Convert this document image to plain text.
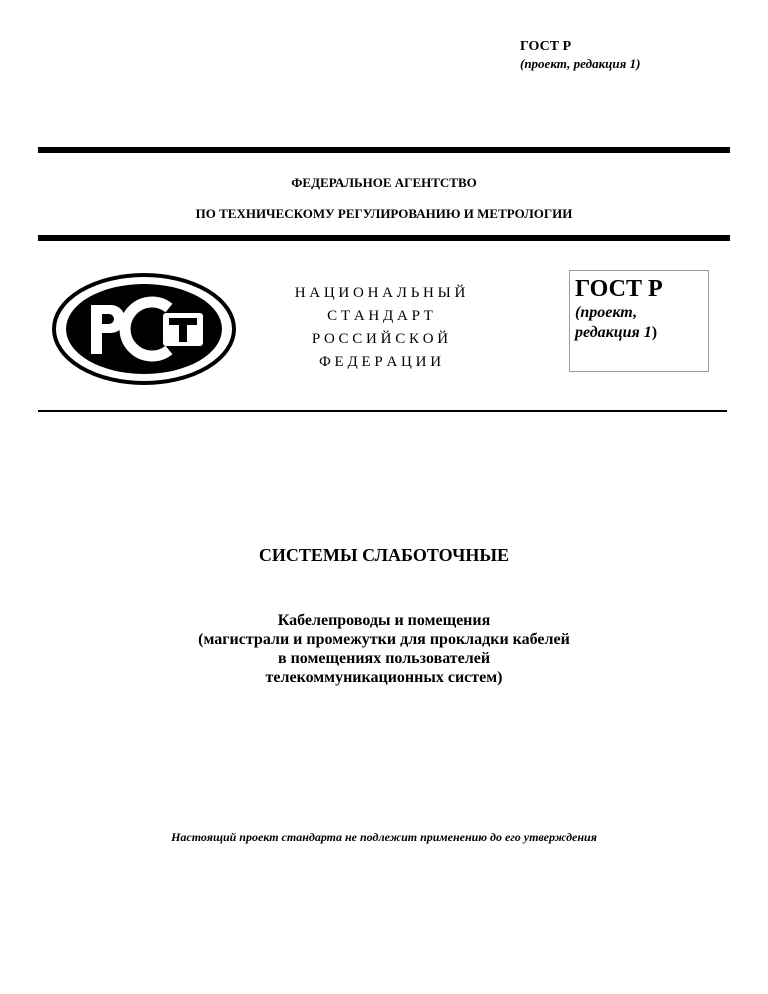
ГОСТ Р
(проект, редакция 1)
ФЕДЕРАЛЬНОЕ АГЕНТСТВО
ПО ТЕХНИЧЕСКОМУ РЕГУЛИРОВАНИЮ И МЕТРОЛОГИИ
Н А Ц И О Н А Л Ь Н Ы Й
С Т А Н Д А Р Т
Р О С С И Й С К О Й
Ф Е Д Е Р А Ц И И
ГОСТ Р
(проект,
редакция 1)
СИСТЕМЫ СЛАБОТОЧНЫЕ
Кабелепроводы и помещения
(магистрали и промежутки для прокладки кабелей
в помещениях пользователей
телекоммуникационных систем)
Настоящий проект стандарта не подлежит применению до его утверждения
